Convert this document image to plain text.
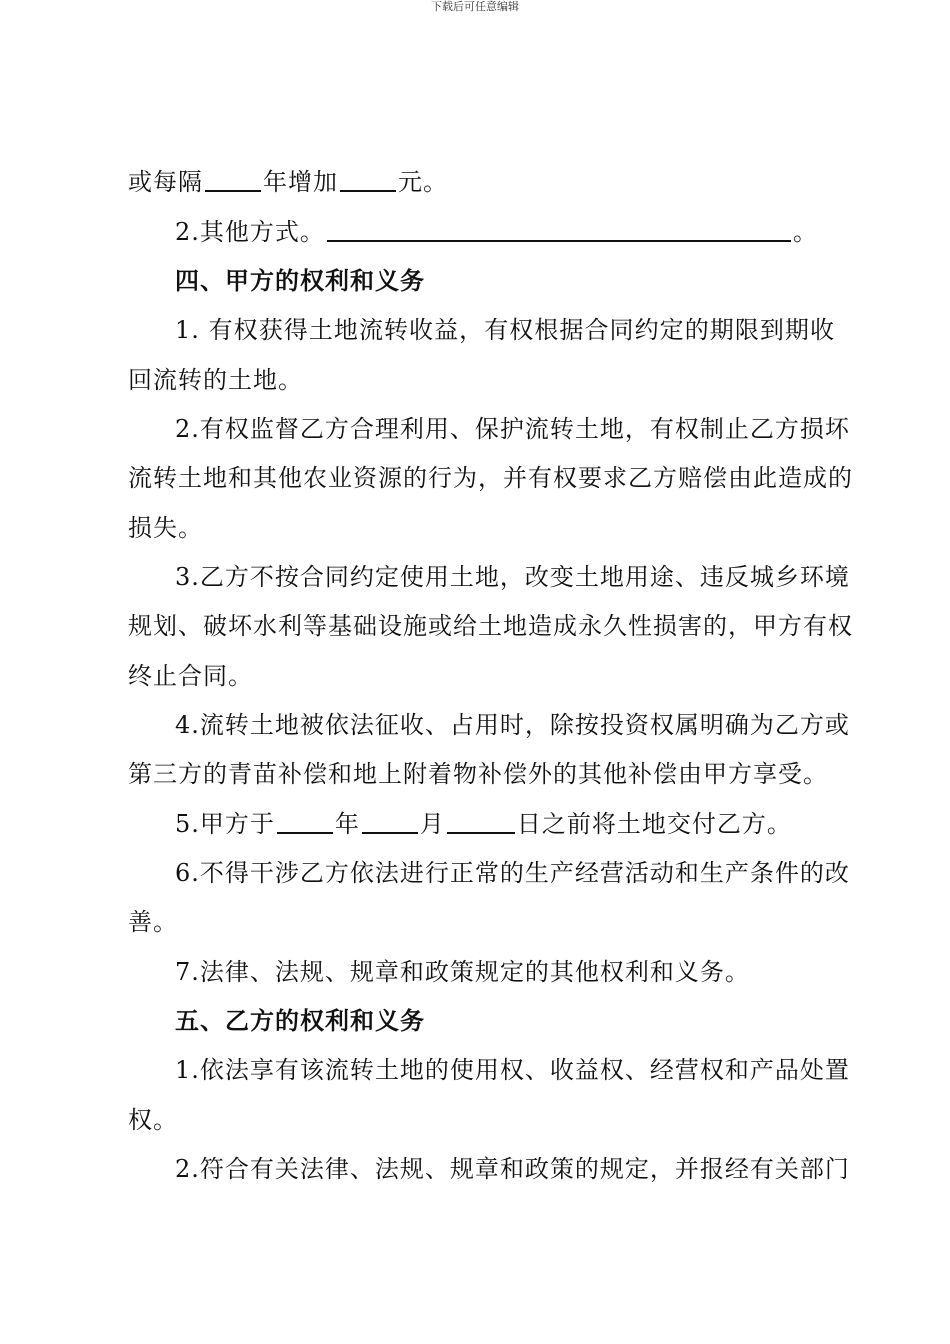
下载后可任意编辑
或每隔	年增加	元。
2.其他方式。	。
四、甲方的权利和义务
1. 有权获得土地流转收益，有权根据合同约定的期限到期收
回流转的土地。
2.有权监督乙方合理利用、保护流转土地，有权制止乙方损坏
流转土地和其他农业资源的行为，并有权要求乙方赔偿由此造成的
损失。
3.乙方不按合同约定使用土地，改变土地用途、违反城乡环境
规划、破坏水利等基础设施或给土地造成永久性损害的，甲方有权
终止合同。
4.流转土地被依法征收、占用时，除按投资权属明确为乙方或
第三方的青苗补偿和地上附着物补偿外的其他补偿由甲方享受。
5.甲方于	年	月	日之前将土地交付乙方。
6.不得干涉乙方依法进行正常的生产经营活动和生产条件的改
善。
7.法律、法规、规章和政策规定的其他权利和义务。
五、乙方的权利和义务
1.依法享有该流转土地的使用权、收益权、经营权和产品处置
权。
2.符合有关法律、法规、规章和政策的规定，并报经有关部门
